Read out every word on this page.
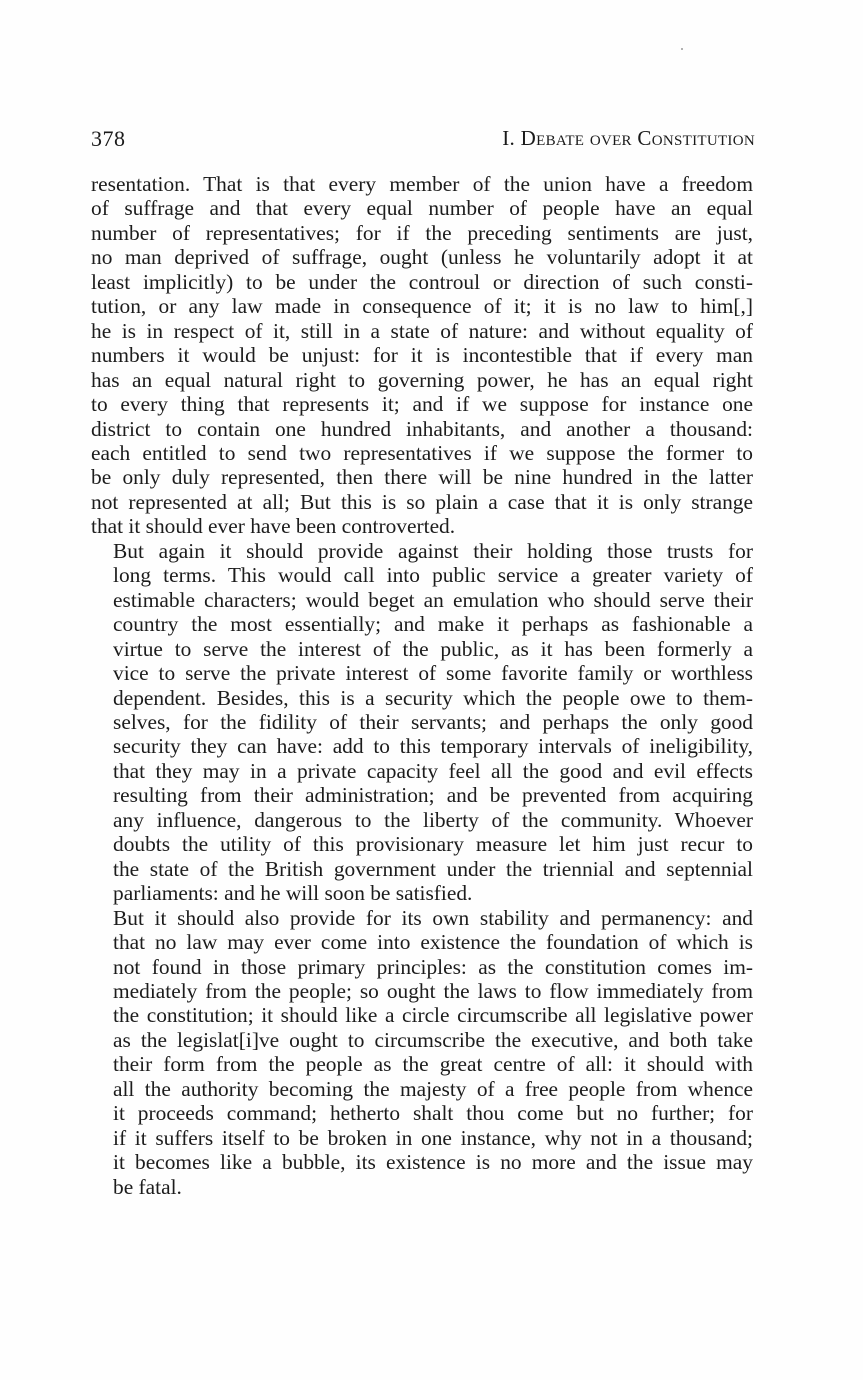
378	I. Debate over Constitution

resentation. That is that every member of the union have a freedom
of suffrage and that every equal number of people have an equal
number of representatives; for if the preceding sentiments are just,
no man deprived of suffrage, ought (unless he voluntarily adopt it at
least implicitly) to be under the controul or direction of such consti-
tution, or any law made in consequence of it; it is no law to him[,]
he is in respect of it, still in a state of nature: and without equality of
numbers it would be unjust: for it is incontestible that if every man
has an equal natural right to governing power, he has an equal right
to every thing that represents it; and if we suppose for instance one
district to contain one hundred inhabitants, and another a thousand:
each entitled to send two representatives if we suppose the former to
be only duly represented, then there will be nine hundred in the latter
not represented at all; But this is so plain a case that it is only strange
that it should ever have been controverted.

But again it should provide against their holding those trusts for
long terms. This would call into public service a greater variety of
estimable characters; would beget an emulation who should serve their
country the most essentially; and make it perhaps as fashionable a
virtue to serve the interest of the public, as it has been formerly a
vice to serve the private interest of some favorite family or worthless
dependent. Besides, this is a security which the people owe to them-
selves, for the fidility of their servants; and perhaps the only good
security they can have: add to this temporary intervals of ineligibility,
that they may in a private capacity feel all the good and evil effects
resulting from their administration; and be prevented from acquiring
any influence, dangerous to the liberty of the community. Whoever
doubts the utility of this provisionary measure let him just recur to
the state of the British government under the triennial and septennial
parliaments: and he will soon be satisfied.

But it should also provide for its own stability and permanency: and
that no law may ever come into existence the foundation of which is
not found in those primary principles: as the constitution comes im-
mediately from the people; so ought the laws to flow immediately from
the constitution; it should like a circle circumscribe all legislative power
as the legislat[i]ve ought to circumscribe the executive, and both take
their form from the people as the great centre of all: it should with
all the authority becoming the majesty of a free people from whence
it proceeds command; hetherto shalt thou come but no further; for
if it suffers itself to be broken in one instance, why not in a thousand;
it becomes like a bubble, its existence is no more and the issue may
be fatal.
